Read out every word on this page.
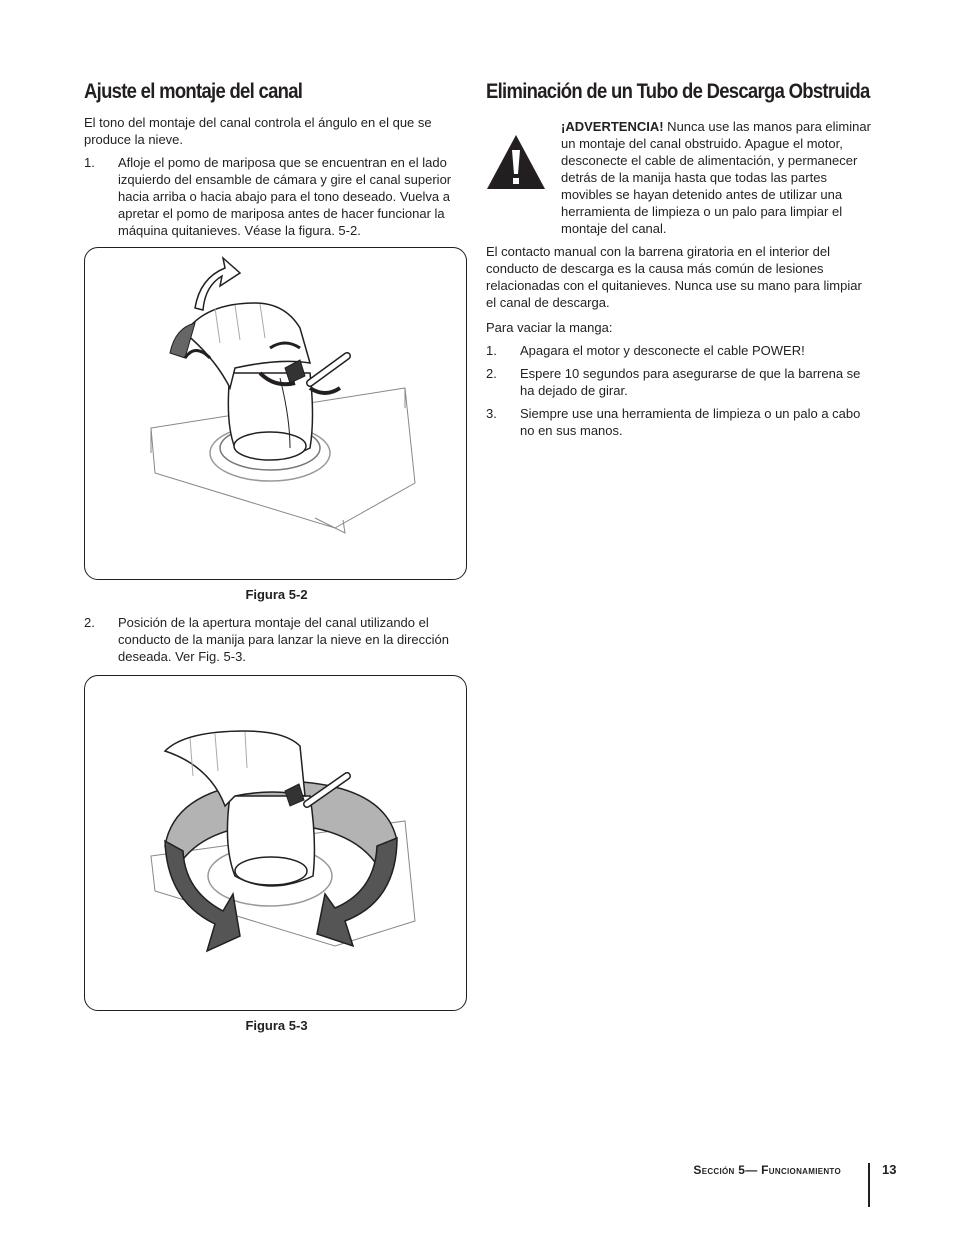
Ajuste el montaje del canal

El tono del montaje del canal controla el ángulo en el que se produce la nieve.

1.	Afloje el pomo de mariposa que se encuentran en el lado izquierdo del ensamble de cámara y gire el canal superior hacia arriba o hacia abajo para el tono deseado. Vuelva a apretar el pomo de mariposa antes de hacer funcionar la máquina quitanieves. Véase la figura. 5-2.
Figura 5-2
2.	Posición de la apertura montaje del canal utilizando el conducto de la manija para lanzar la nieve en la dirección deseada. Ver Fig. 5-3.
Figura 5-3
Eliminación de un Tubo de Descarga Obstruida
¡ADVERTENCIA! Nunca use las manos para eliminar un montaje del canal obstruido. Apague el motor, desconecte el cable de alimentación, y permanecer detrás de la manija hasta que todas las partes movibles se hayan detenido antes de utilizar una herramienta de limpieza o un palo para limpiar el montaje del canal.

El contacto manual con la barrena giratoria en el interior del conducto de descarga es la causa más común de lesiones relacionadas con el quitanieves. Nunca use su mano para limpiar el canal de descarga.

Para vaciar la manga:

1.	Apagara el motor y desconecte el cable POWER!
2.	Espere 10 segundos para asegurarse de que la barrena se ha dejado de girar.
3.	Siempre use una herramienta de limpieza o un palo a cabo no en sus manos.
Sección 5— Funcionamiento	13
